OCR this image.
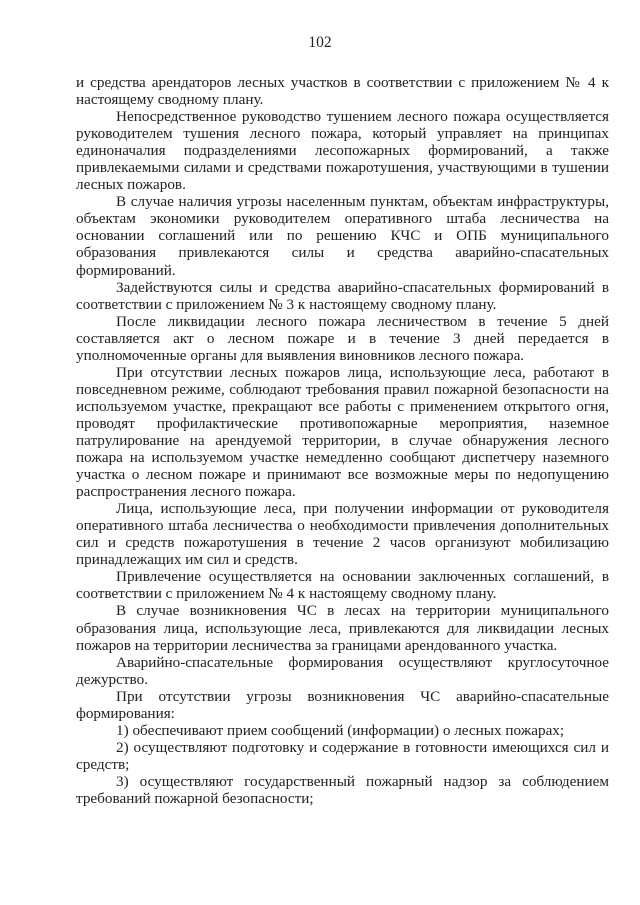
102

и средства арендаторов лесных участков в соответствии с приложением № 4 к настоящему сводному плану.

Непосредственное руководство тушением лесного пожара осуществляется руководителем тушения лесного пожара, который управляет на принципах единоначалия подразделениями лесопожарных формирований, а также привлекаемыми силами и средствами пожаротушения, участвующими в тушении лесных пожаров.

В случае наличия угрозы населенным пунктам, объектам инфраструктуры, объектам экономики руководителем оперативного штаба лесничества на основании соглашений или по решению КЧС и ОПБ муниципального образования привлекаются силы и средства аварийно-спасательных формирований.

Задействуются силы и средства аварийно-спасательных формирований в соответствии с приложением № 3 к настоящему сводному плану.

После ликвидации лесного пожара лесничеством в течение 5 дней составляется акт о лесном пожаре и в течение 3 дней передается в уполномоченные органы для выявления виновников лесного пожара.

При отсутствии лесных пожаров лица, использующие леса, работают в повседневном режиме, соблюдают требования правил пожарной безопасности на используемом участке, прекращают все работы с применением открытого огня, проводят профилактические противопожарные мероприятия, наземное патрулирование на арендуемой территории, в случае обнаружения лесного пожара на используемом участке немедленно сообщают диспетчеру наземного участка о лесном пожаре и принимают все возможные меры по недопущению распространения лесного пожара.

Лица, использующие леса, при получении информации от руководителя оперативного штаба лесничества о необходимости привлечения дополнительных сил и средств пожаротушения в течение 2 часов организуют мобилизацию принадлежащих им сил и средств.

Привлечение осуществляется на основании заключенных соглашений, в соответствии с приложением № 4 к настоящему сводному плану.

В случае возникновения ЧС в лесах на территории муниципального образования лица, использующие леса, привлекаются для ликвидации лесных пожаров на территории лесничества за границами арендованного участка.

Аварийно-спасательные формирования осуществляют круглосуточное дежурство.

При отсутствии угрозы возникновения ЧС аварийно-спасательные формирования:

1) обеспечивают прием сообщений (информации) о лесных пожарах;

2) осуществляют подготовку и содержание в готовности имеющихся сил и средств;

3) осуществляют государственный пожарный надзор за соблюдением требований пожарной безопасности;
